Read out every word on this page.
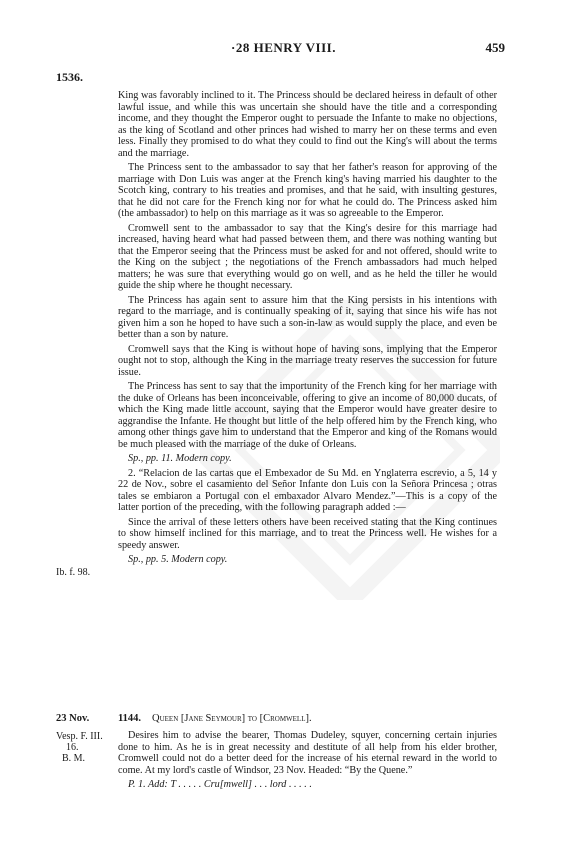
·28 HENRY VIII.	459
1536.
Ib. f. 98.

King was favorably inclined to it. The Princess should be declared heiress in default of other lawful issue, and while this was uncertain she should have the title and a corresponding income, and they thought the Emperor ought to persuade the Infante to make no objections, as the king of Scotland and other princes had wished to marry her on these terms and even less. Finally they promised to do what they could to find out the King's will about the terms and the marriage.

The Princess sent to the ambassador to say that her father's reason for approving of the marriage with Don Luis was anger at the French king's having married his daughter to the Scotch king, contrary to his treaties and promises, and that he said, with insulting gestures, that he did not care for the French king nor for what he could do. The Princess asked him (the ambassador) to help on this marriage as it was so agreeable to the Emperor.

Cromwell sent to the ambassador to say that the King's desire for this marriage had increased, having heard what had passed between them, and there was nothing wanting but that the Emperor seeing that the Princess must be asked for and not offered, should write to the King on the subject ; the negotiations of the French ambassadors had much helped matters; he was sure that everything would go on well, and as he held the tiller he would guide the ship where he thought necessary.

The Princess has again sent to assure him that the King persists in his intentions with regard to the marriage, and is continually speaking of it, saying that since his wife has not given him a son he hoped to have such a son-in-law as would supply the place, and even be better than a son by nature.

Cromwell says that the King is without hope of having sons, implying that the Emperor ought not to stop, although the King in the marriage treaty reserves the succession for future issue.

The Princess has sent to say that the importunity of the French king for her marriage with the duke of Orleans has been inconceivable, offering to give an income of 80,000 ducats, of which the King made little account, saying that the Emperor would have greater desire to aggrandise the Infante. He thought but little of the help offered him by the French king, who among other things gave him to understand that the Emperor and king of the Romans would be much pleased with the marriage of the duke of Orleans.

Sp., pp. 11. Modern copy.

2. “Relacion de las cartas que el Embexador de Su Md. en Ynglaterra escrevio, a 5, 14 y 22 de Nov., sobre el casamiento del Señor Infante don Luis con la Señora Princesa ; otras tales se embiaron a Portugal con el embaxador Alvaro Mendez.”—This is a copy of the latter portion of the preceding, with the following paragraph added :—

Since the arrival of these letters others have been received stating that the King continues to show himself inclined for this marriage, and to treat the Princess well. He wishes for a speedy answer.

Sp., pp. 5. Modern copy.
23 Nov.	1144. Queen [Jane Seymour] to [Cromwell].
Vesp. F. III.
16.
B. M.

Desires him to advise the bearer, Thomas Dudeley, squyer, concerning certain injuries done to him. As he is in great necessity and destitute of all help from his elder brother, Cromwell could not do a better deed for the increase of his eternal reward in the world to come. At my lord's castle of Windsor, 23 Nov. Headed: “By the Quene.”

P. 1. Add: T . . . . . Cru[mwell] . . . lord . . . . .
